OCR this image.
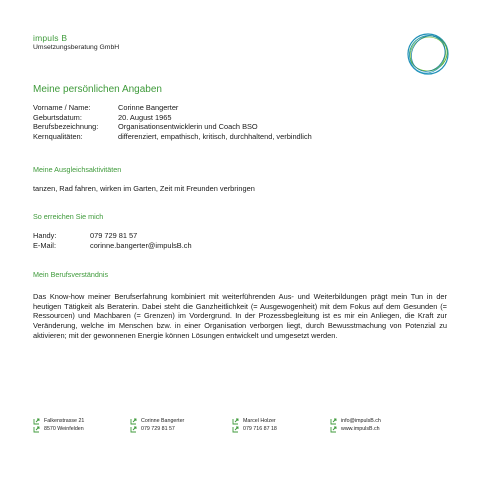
impuls B
Umsetzungsberatung GmbH
Meine persönlichen Angaben
Vorname / Name:	Corinne Bangerter
Geburtsdatum:	20. August 1965
Berufsbezeichnung:	Organisationsentwicklerin und Coach BSO
Kernqualitäten:	differenziert, empathisch, kritisch, durchhaltend, verbindlich
Meine Ausgleichsaktivitäten
tanzen, Rad fahren, wirken im Garten, Zeit mit Freunden verbringen
So erreichen Sie mich
Handy:	079 729 81 57
E-Mail:	corinne.bangerter@impulsB.ch
Mein Berufsverständnis
Das Know-how meiner Berufserfahrung kombiniert mit weiterführenden Aus- und Weiterbildungen prägt mein Tun in der heutigen Tätigkeit als Beraterin. Dabei steht die Ganzheitlichkeit (= Ausgewogenheit) mit dem Fokus auf dem Gesunden (= Ressourcen) und Machbaren (= Grenzen) im Vordergrund. In der Prozessbegleitung ist es mir ein Anliegen, die Kraft zur Veränderung, welche im Menschen bzw. in einer Organisation verborgen liegt, durch Bewusstmachung von Potenzial zu aktivieren; mit der gewonnenen Energie können Lösungen entwickelt und umgesetzt werden.
Falkenstrasse 21
8570 Weinfelden
Corinne Bangerter
079 729 81 57
Marcel Holzer
079 716 87 18
info@impulsB.ch
www.impulsB.ch
